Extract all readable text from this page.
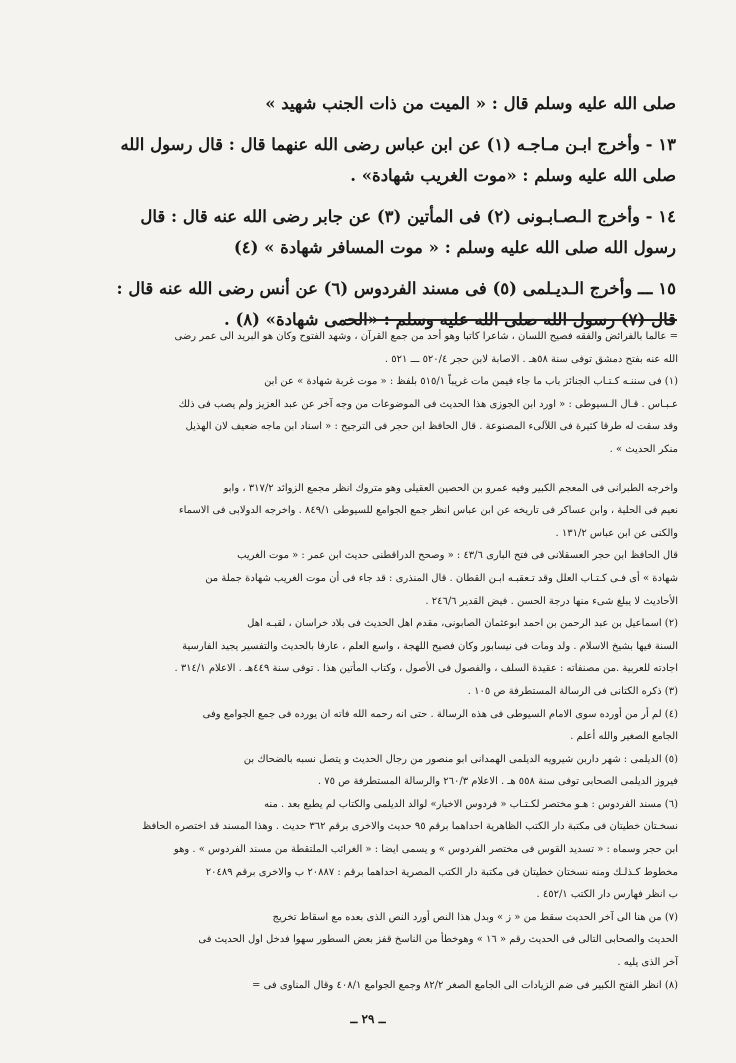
صلى الله عليه وسلم قال : « الميت من ذات الجنب شهيد »

١٣ - وأخرج ابـن مـاجـه (١) عن ابن عباس رضى الله عنهما قال : قال رسول الله

صلى الله عليه وسلم : «موت الغريب شهادة» .

١٤ - وأخرج الـصـابـونى (٢) فى المأتين (٣) عن جابر رضى الله عنه قال : قال

رسول الله صلى الله عليه وسلم : « موت المسافر شهادة » (٤)

١٥ ـــ وأخرج الـديـلمى (٥) فى مسند الفردوس (٦) عن أنس رضى الله عنه قال :

قال (٧) رسول الله صلى الله عليه وسلم : «الحمى شهادة» (٨) .

= عالما بالفرائض والفقه فصيح اللسان ، شاعرا كاتبا وهو أحد من جمع القرآن ، وشهد الفتوح وكان هو البريد الى عمر رضى

الله عنه بفتح دمشق توفى سنة ٥٨هـ . الاصابة لابن حجر ٥٢٠/٤ ـــ ٥٢١ .

(١) فى سننـه كـتـاب الجنائز باب ما جاء فيمن مات غريباً ٥١٥/١ بلفظ : « موت غربة شهادة » عن ابن

عـبـاس . قـال الـسيوطى : « اورد ابن الجوزى هذا الحديث فى الموضوعات من وجه آخر عن عبد العزيز ولم يصب فى ذلك

وقد سقت له طرقا كثيرة فى اللآلىء المصنوعة . قال الحافظ ابن حجر فى الترجيح : « اسناد ابن ماجه ضعيف لان الهذيل

منكر الحديث » .

واخرجه الطبرانى فى المعجم الكبير وفيه عمرو بن الحصين العقيلى وهو متروك انظر مجمع الزوائد ٣١٧/٢ ، وابو

نعيم فى الحلية ، وابن عساكر فى تاريخه عن ابن عباس انظر جمع الجوامع للسيوطى ٨٤٩/١ . واخرجه الدولابى فى الاسماء

والكنى عن ابن عباس ١٣١/٢ .

قال الحافظ ابن حجر العسقلانى فى فتح البارى ٤٣/٦ : « وصحح الدراقطنى حديث ابن عمر : « موت الغريب

شهادة » أى فـى كـتـاب العلل وقد تـعقبـه ابـن القطان . قال المنذرى : قد جاء فى أن موت الغريب شهادة جملة من

الأحاديث لا يبلغ شىء منها درجة الحسن . فيض القدير ٢٤٦/٦ .

(٢) اسماعيل بن عبد الرحمن بن احمد ابوعثمان الصابونى، مقدم اهل الحديث فى بلاد خراسان ، لقبـه اهل

السنة فيها بشيخ الاسلام . ولد ومات فى نيسابور وكان فصيح اللهجة ، واسع العلم ، عارفا بالحديث والتفسير يجيد الفارسية

اجادته للعربية .من مصنفاته : عقيدة السلف ، والفصول فى الأصول ، وكتاب المأتين هذا . توفى سنة ٤٤٩هـ . الاعلام ٣١٤/١ .

(٣) ذكره الكتانى فى الرسالة المستطرفة ص ١٠٥ .

(٤) لم أر من أورده سوى الامام السيوطى فى هذه الرسالة . حتى انه رحمه الله فاته ان يورده فى جمع الجوامع وفى

الجامع الصغير والله أعلم .

(٥) الديلمى : شهر داربن شيرويه الديلمى الهمدانى ابو منصور من رجال الحديث و يتصل نسبه بالضحاك بن

فيروز الديلمى الصحابى توفى سنة ٥٥٨ هـ . الاعلام ٢٦٠/٣ والرسالة المستطرفة ص ٧٥ .

(٦) مسند الفردوس : هـو مختصر لكـتـاب « فردوس الاخبار» لوالد الديلمى والكتاب لم يطبع بعد . منه

نسخـتان خطيتان فى مكتبة دار الكتب الظاهرية احداهما برقم ٩٥ حديث والاخرى برقم ٣٦٢ حديث . وهذا المسند قد اختصره الحافظ

ابن حجر وسماه : « تسديد القوس فى مختصر الفردوس » و يسمى ايضا : « الغرائب الملتقطة من مسند الفردوس » . وهو

مخطوط كـذلـك ومنه نسختان خطيتان فى مكتبة دار الكتب المصرية احداهما برقم : ٢٠٨٨٧ ب والاخرى برقم ٢٠٤٨٩

ب انظر فهارس دار الكتب ٤٥٢/١ .

(٧) من هنا الى آخر الحديث سقط من « ز » وبدل هذا النص أورد النص الذى بعده مع اسقاط تخريج

الحديث والصحابى التالى فى الحديث رقم « ١٦ » وهوخطأ من الناسخ قفز بعض السطور سهوا فدخل اول الحديث فى

آخر الذى يليه .

(٨) انظر الفتح الكبير فى ضم الزيادات الى الجامع الصغر ٨٢/٢ وجمع الجوامع ٤٠٨/١ وقال المناوى فى =

ــ ٢٩ ــ
